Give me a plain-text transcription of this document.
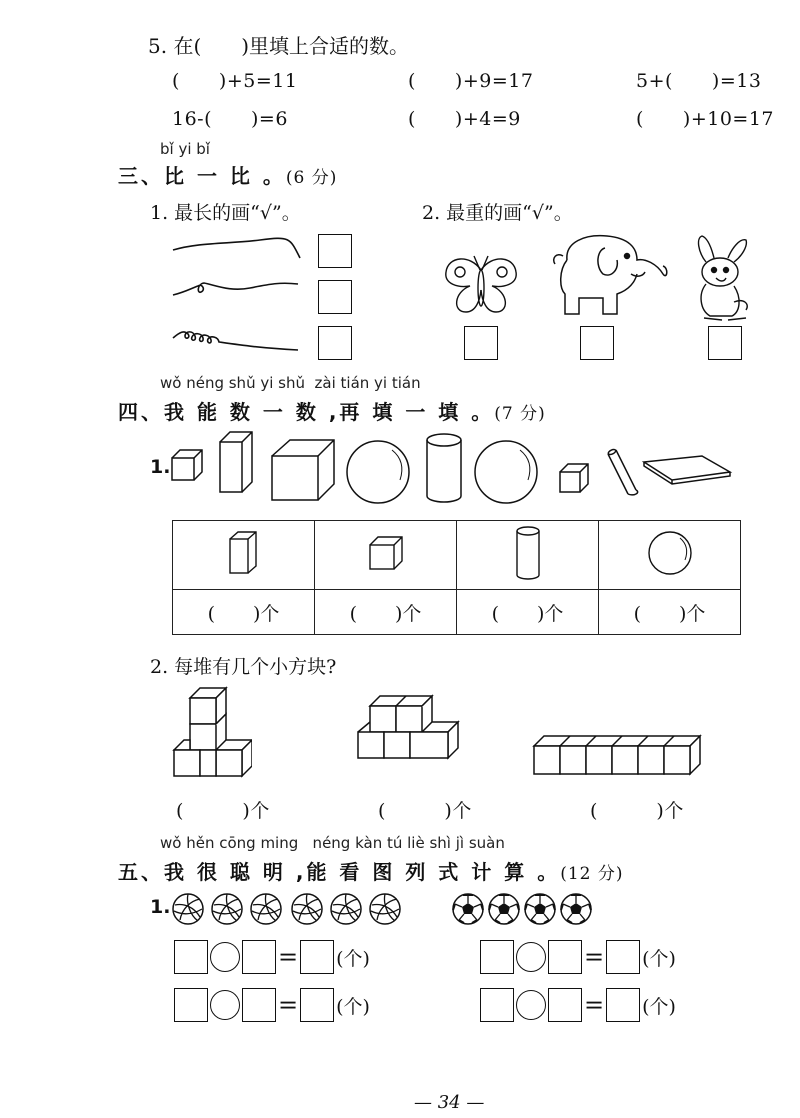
5. 在(　　)里填上合适的数。
(　　)+5=11	(　　)+9=17	5+(　　)=13
16-(　　)=6	(　　)+4=9	(　　)+10=17
bǐ yi bǐ
三、比 一 比 。(6 分)
1. 最长的画“√”。	2. 最重的画“√”。
wǒ néng shǔ yi shǔ  zài tián yi tián
四、我 能 数 一 数 ,再 填 一 填 。(7 分)
1.

(　　)个	(　　)个	(　　)个	(　　)个
2. 每堆有几个小方块?
(　　　)个	(　　　)个	(　　　)个
wǒ hěn cōng ming   néng kàn tú liè shì jì suàn
五、我 很 聪 明 ,能 看 图 列 式 计 算 。(12 分)
1.
= (个)	= (个)
= (个)	= (个)
— 34 —
